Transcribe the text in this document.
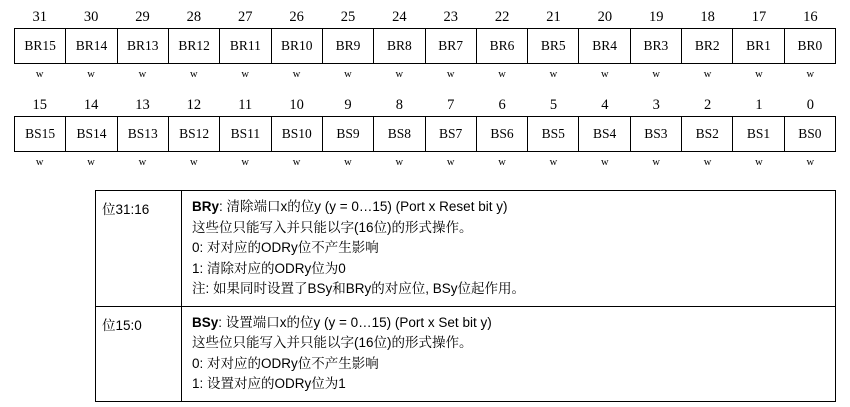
31	30	29	28	27	26	25	24	23	22	21	20	19	18	17	16
BR15	BR14	BR13	BR12	BR11	BR10	BR9	BR8	BR7	BR6	BR5	BR4	BR3	BR2	BR1	BR0
w	w	w	w	w	w	w	w	w	w	w	w	w	w	w	w
15	14	13	12	11	10	9	8	7	6	5	4	3	2	1	0
BS15	BS14	BS13	BS12	BS11	BS10	BS9	BS8	BS7	BS6	BS5	BS4	BS3	BS2	BS1	BS0
w	w	w	w	w	w	w	w	w	w	w	w	w	w	w	w
位31:16	BRy: 清除端口x的位y (y = 0…15) (Port x Reset bit y)
这些位只能写入并只能以字(16位)的形式操作。
0: 对对应的ODRy位不产生影响
1: 清除对应的ODRy位为0
注: 如果同时设置了BSy和BRy的对应位, BSy位起作用。
位15:0	BSy: 设置端口x的位y (y = 0…15) (Port x Set bit y)
这些位只能写入并只能以字(16位)的形式操作。
0: 对对应的ODRy位不产生影响
1: 设置对应的ODRy位为1
